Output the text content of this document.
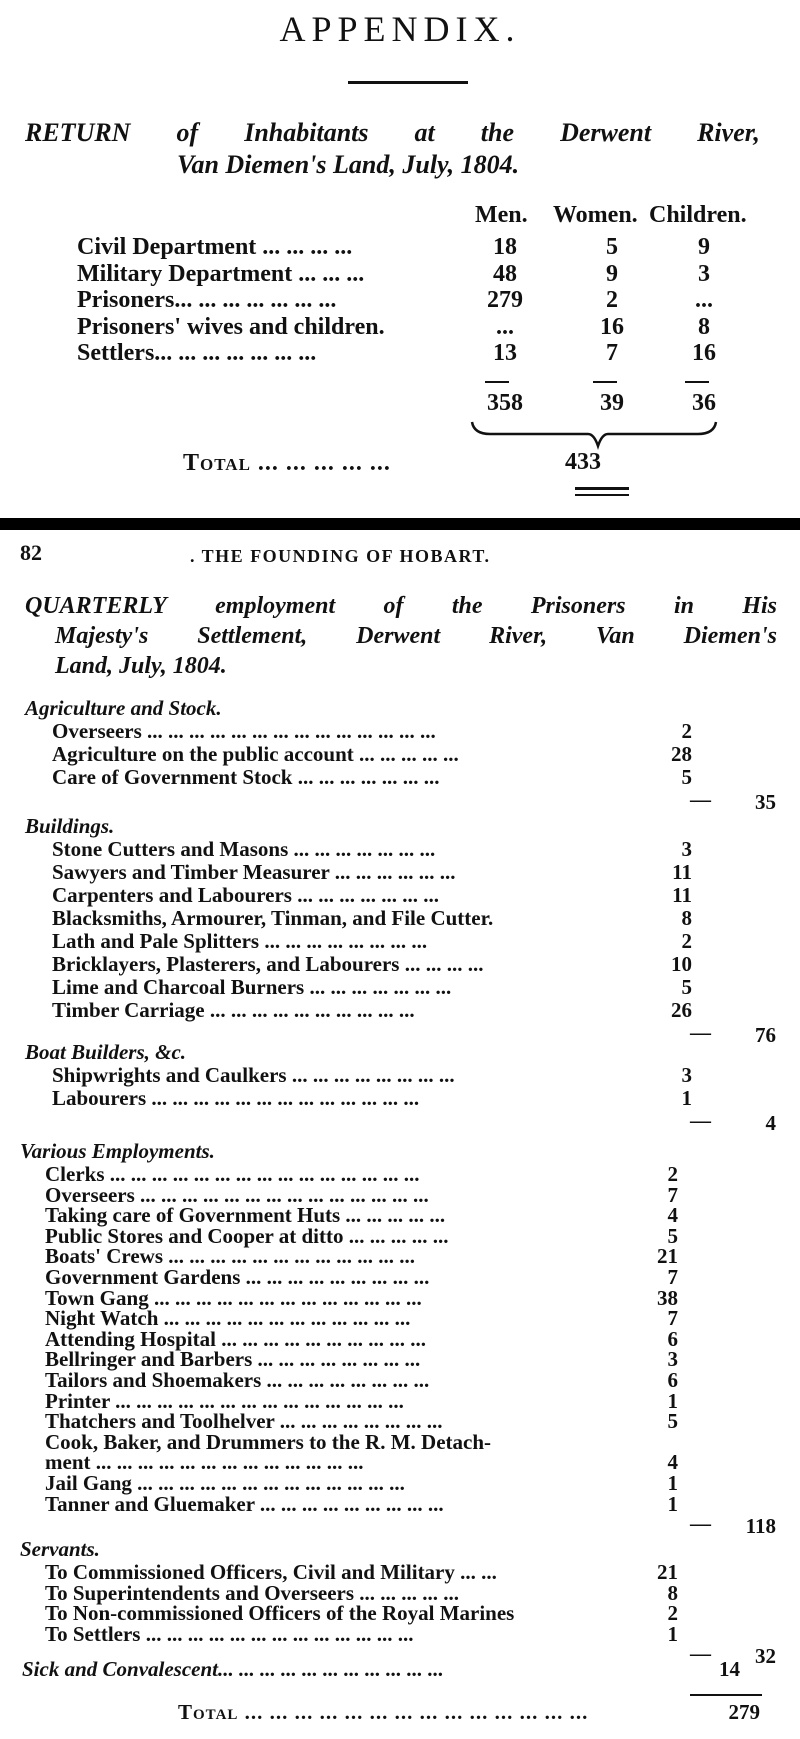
APPENDIX.
RETURN of Inhabitants at the Derwent River,
Van Diemen's Land, July, 1804.
Men. Women. Children.
Civil Department ... ... ... ...	18	5	9
Military Department ... ... ...	48	9	3
Prisoners... ... ... ... ... ... ...	279	2	...
Prisoners' wives and children.	...	16	8
Settlers... ... ... ... ... ... ...	13	7	16
358	39	36
Total ... ... ... ... ...	433
82	. THE FOUNDING OF HOBART.
QUARTERLY employment of the Prisoners in His
Majesty's Settlement, Derwent River, Van Diemen's
Land, July, 1804.
Agriculture and Stock.
Overseers ... ... ... ... ... ... ... ... ... ... ... ... ... ...	2
Agriculture on the public account ... ... ... ... ...	28
Care of Government Stock ... ... ... ... ... ... ...	5
—	35
Buildings.
Stone Cutters and Masons ... ... ... ... ... ... ...	3
Sawyers and Timber Measurer ... ... ... ... ... ...	11
Carpenters and Labourers ... ... ... ... ... ... ...	11
Blacksmiths, Armourer, Tinman, and File Cutter.	8
Lath and Pale Splitters ... ... ... ... ... ... ... ...	2
Bricklayers, Plasterers, and Labourers ... ... ... ...	10
Lime and Charcoal Burners ... ... ... ... ... ... ...	5
Timber Carriage ... ... ... ... ... ... ... ... ... ...	26
—	76
Boat Builders, &c.
Shipwrights and Caulkers ... ... ... ... ... ... ... ...	3
Labourers ... ... ... ... ... ... ... ... ... ... ... ... ...	1
—	4
Various Employments.
Clerks ... ... ... ... ... ... ... ... ... ... ... ... ... ... ...	2
Overseers ... ... ... ... ... ... ... ... ... ... ... ... ... ...	7
Taking care of Government Huts ... ... ... ... ...	4
Public Stores and Cooper at ditto ... ... ... ... ...	5
Boats' Crews ... ... ... ... ... ... ... ... ... ... ... ...	21
Government Gardens ... ... ... ... ... ... ... ... ...	7
Town Gang ... ... ... ... ... ... ... ... ... ... ... ... ...	38
Night Watch ... ... ... ... ... ... ... ... ... ... ... ...	7
Attending Hospital ... ... ... ... ... ... ... ... ... ...	6
Bellringer and Barbers ... ... ... ... ... ... ... ...	3
Tailors and Shoemakers ... ... ... ... ... ... ... ...	6
Printer ... ... ... ... ... ... ... ... ... ... ... ... ... ...	1
Thatchers and Toolhelver ... ... ... ... ... ... ... ...	5
Cook, Baker, and Drummers to the R. M. Detach-
ment ... ... ... ... ... ... ... ... ... ... ... ... ...	4
Jail Gang ... ... ... ... ... ... ... ... ... ... ... ... ...	1
Tanner and Gluemaker ... ... ... ... ... ... ... ... ...	1
—	118
Servants.
To Commissioned Officers, Civil and Military ... ...	21
To Superintendents and Overseers ... ... ... ... ...	8
To Non-commissioned Officers of the Royal Marines	2
To Settlers ... ... ... ... ... ... ... ... ... ... ... ... ...	1
—	32
Sick and Convalescent... ... ... ... ... ... ... ... ... ... ...	14
Total ... ... ... ... ... ... ... ... ... ... ... ... ... ...	279
